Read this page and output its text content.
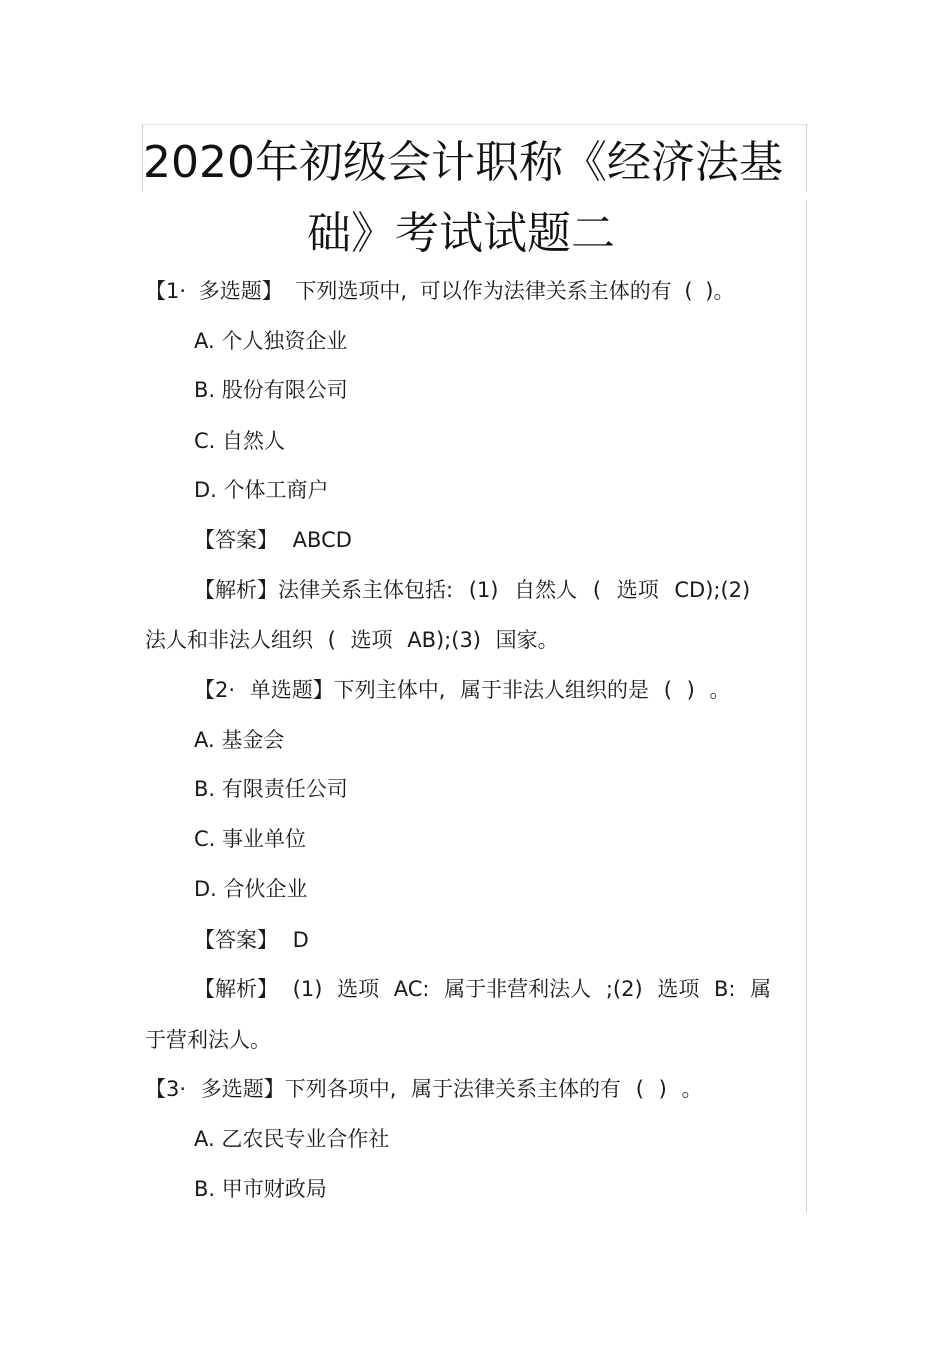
2020年初级会计职称《经济法基
础》考试试题二
【1· 多选题】 下列选项中, 可以作为法律关系主体的有 ( )。
A. 个人独资企业
B. 股份有限公司
C. 自然人
D. 个体工商户
【答案】 ABCD
【解析】法律关系主体包括: (1) 自然人 ( 选项 CD);(2)
法人和非法人组织 ( 选项 AB);(3) 国家。
【2· 单选题】下列主体中, 属于非法人组织的是 ( ) 。
A. 基金会
B. 有限责任公司
C. 事业单位
D. 合伙企业
【答案】 D
【解析】 (1) 选项 AC: 属于非营利法人 ;(2) 选项 B: 属
于营利法人。
【3· 多选题】下列各项中, 属于法律关系主体的有 ( ) 。
A. 乙农民专业合作社
B. 甲市财政局
